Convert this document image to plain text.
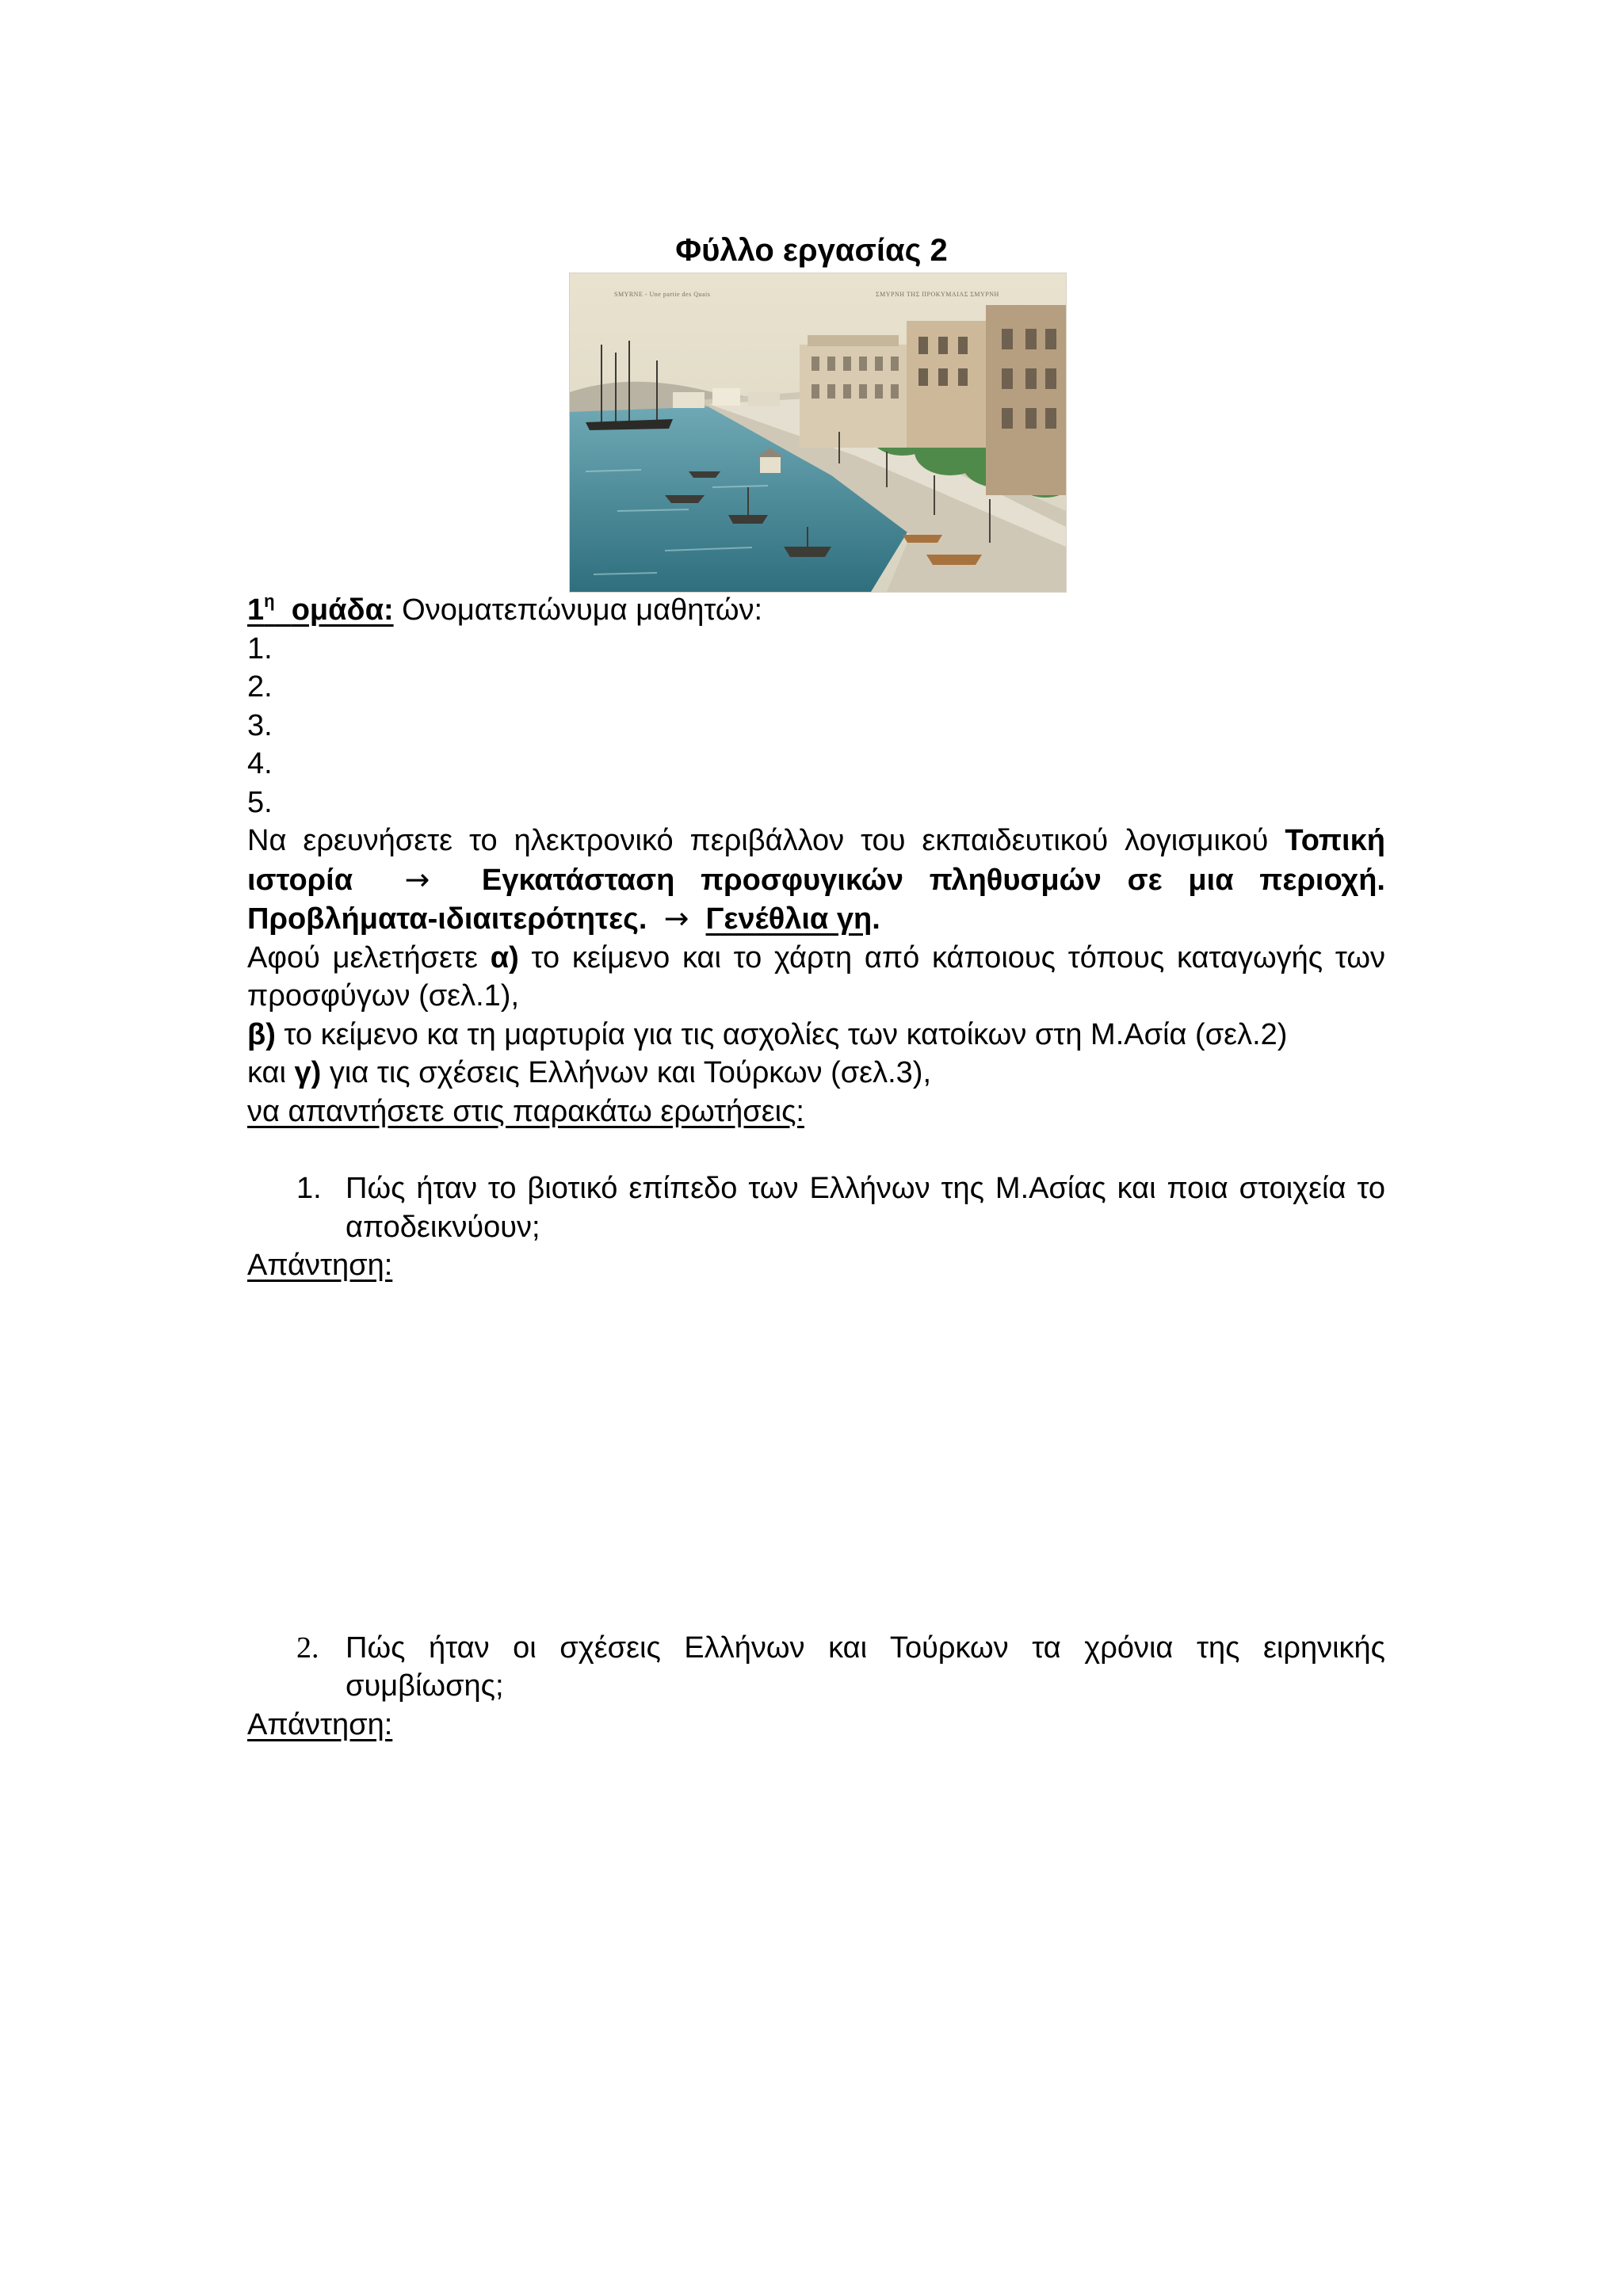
Φύλλο εργασίας 2
SMYRNE - Une partie des Quais	ΣΜΥΡΝΗ ΤΗΣ ΠΡΟΚΥΜΑΙΑΣ ΣΜΥΡΝΗ

$1^\eta$ ομάδα: Ονοματεπώνυμα μαθητών:

1.

2.

3.

4.

5.

Να ερευνήσετε το ηλεκτρονικό περιβάλλον του εκπαιδευτικού λογισμικού Τοπική ιστορία → Εγκατάσταση προσφυγικών πληθυσμών σε μια περιοχή. Προβλήματα-ιδιαιτερότητες. → Γενέθλια γη.

Αφού μελετήσετε α) το κείμενο και το χάρτη από κάποιους τόπους καταγωγής των προσφύγων (σελ.1),

β) το κείμενο κα τη μαρτυρία για τις ασχολίες των κατοίκων στη Μ.Ασία (σελ.2)

και γ) για τις σχέσεις Ελλήνων και Τούρκων (σελ.3),

να απαντήσετε στις παρακάτω ερωτήσεις:

1. Πώς ήταν το βιοτικό επίπεδο των Ελλήνων της Μ.Ασίας και ποια στοιχεία το αποδεικνύουν;

Απάντηση:

2. Πώς ήταν οι σχέσεις Ελλήνων και Τούρκων τα χρόνια της ειρηνικής συμβίωσης;

Απάντηση:
